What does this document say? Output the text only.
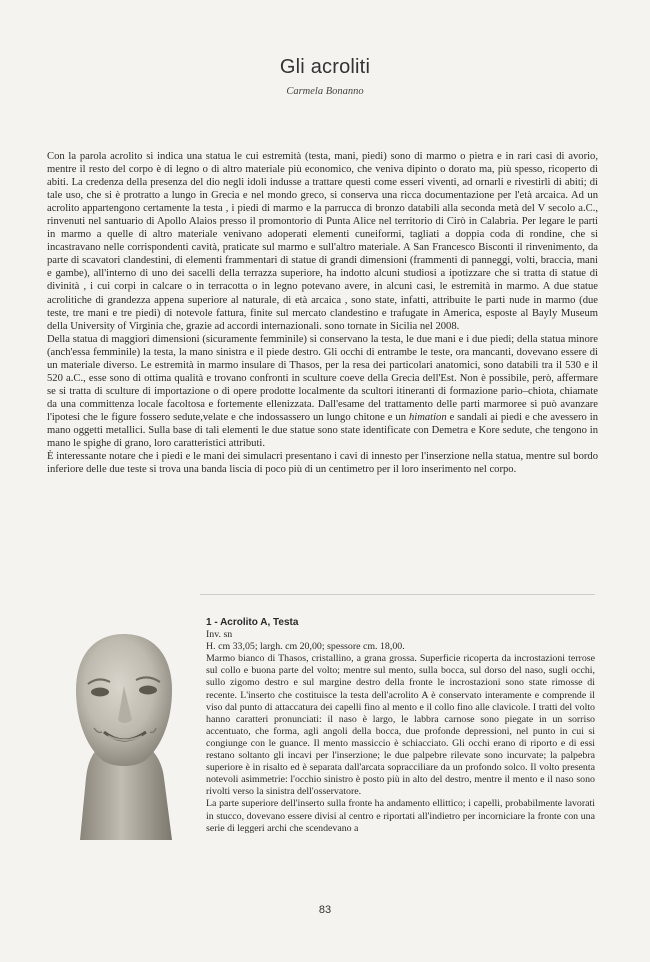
Gli acroliti
Carmela Bonanno

Con la parola acrolito si indica una statua le cui estremità (testa, mani, piedi) sono di marmo o pietra e in rari casi di avorio, mentre il resto del corpo è di legno o di altro materiale più economico, che veniva dipinto o dorato ma, più spesso, ricoperto di abiti. La credenza della presenza del dio negli idoli indusse a trattare questi come esseri viventi, ad ornarli e rivestirli di abiti; di tale uso, che si è protratto a lungo in Grecia e nel mondo greco, si conserva una ricca documentazione per l'età arcaica. Ad un acrolito appartengono certamente la testa , i piedi di marmo e la parrucca di bronzo databili alla seconda metà del V secolo a.C., rinvenuti nel santuario di Apollo Alaios presso il promontorio di Punta Alice nel territorio di Cirò in Calabria. Per legare le parti in marmo a quelle di altro materiale venivano adoperati elementi cuneiformi, tagliati a doppia coda di rondine, che si incastravano nelle corrispondenti cavità, praticate sul marmo e sull'altro materiale. A San Francesco Bisconti il rinvenimento, da parte di scavatori clandestini, di elementi frammentari di statue di grandi dimensioni (frammenti di panneggi, volti, braccia, mani e gambe), all'interno di uno dei sacelli della terrazza superiore, ha indotto alcuni studiosi a ipotizzare che si tratta di statue di divinità , i cui corpi in calcare o in terracotta o in legno potevano avere, in alcuni casi, le estremità in marmo. A due statue acrolitiche di grandezza appena superiore al naturale, di età arcaica , sono state, infatti, attribuite le parti nude in marmo (due teste, tre mani e tre piedi) di notevole fattura, finite sul mercato clandestino e trafugate in America, esposte al Bayly Museum della University of Virginia che, grazie ad accordi internazionali. sono tornate in Sicilia nel 2008.

Della statua di maggiori dimensioni (sicuramente femminile) si conservano la testa, le due mani e i due piedi; della statua minore (anch'essa femminile) la testa, la mano sinistra e il piede destro. Gli occhi di entrambe le teste, ora mancanti, dovevano essere di un materiale diverso. Le estremità in marmo insulare di Thasos, per la resa dei particolari anatomici, sono databili tra il 530 e il 520 a.C., esse sono di ottima qualità e trovano confronti in sculture coeve della Grecia dell'Est. Non è possibile, però, affermare se si tratta di sculture di importazione o di opere prodotte localmente da scultori itineranti di formazione pario–chiota, chiamate da una committenza locale facoltosa e fortemente ellenizzata. Dall'esame del trattamento delle parti marmoree si può avanzare l'ipotesi che le figure fossero sedute,velate e che indossassero un lungo chitone e un himation e sandali ai piedi e che avessero in mano oggetti metallici. Sulla base di tali elementi le due statue sono state identificate con Demetra e Kore sedute, che tengono in mano le spighe di grano, loro caratteristici attributi.

È interessante notare che i piedi e le mani dei simulacri presentano i cavi di innesto per l'inserzione nella statua, mentre sul bordo inferiore delle due teste si trova una banda liscia di poco più di un centimetro per il loro inserimento nel corpo.

1 - Acrolito A, Testa

Inv. sn

H. cm 33,05; largh. cm 20,00; spessore cm. 18,00.

Marmo bianco di Thasos, cristallino, a grana grossa. Superficie ricoperta da incrostazioni terrose sul collo e buona parte del volto; mentre sul mento, sulla bocca, sul dorso del naso, sugli occhi, sullo zigomo destro e sul margine destro della fronte le incrostazioni sono state rimosse di recente. L'inserto che costituisce la testa dell'acrolito A è conservato interamente e comprende il viso dal punto di attaccatura dei capelli fino al mento e il collo fino alle clavicole. I tratti del volto hanno caratteri pronunciati: il naso è largo, le labbra carnose sono piegate in un sorriso accentuato, che forma, agli angoli della bocca, due profonde depressioni, nel punto in cui si congiunge con le guance. Il mento massiccio è schiacciato. Gli occhi erano di riporto e di essi restano soltanto gli incavi per l'inserzione; le due palpebre rilevate sono incurvate; la palpebra superiore è in risalto ed è separata dall'arcata sopracciliare da un profondo solco. Il volto presenta notevoli asimmetrie: l'occhio sinistro è posto più in alto del destro, mentre il mento e il naso sono rivolti verso la sinistra dell'osservatore.

La parte superiore dell'inserto sulla fronte ha andamento ellittico; i capelli, probabilmente lavorati in stucco, dovevano essere divisi al centro e riportati all'indietro per incorniciare la fronte con una serie di leggeri archi che scendevano a

83
